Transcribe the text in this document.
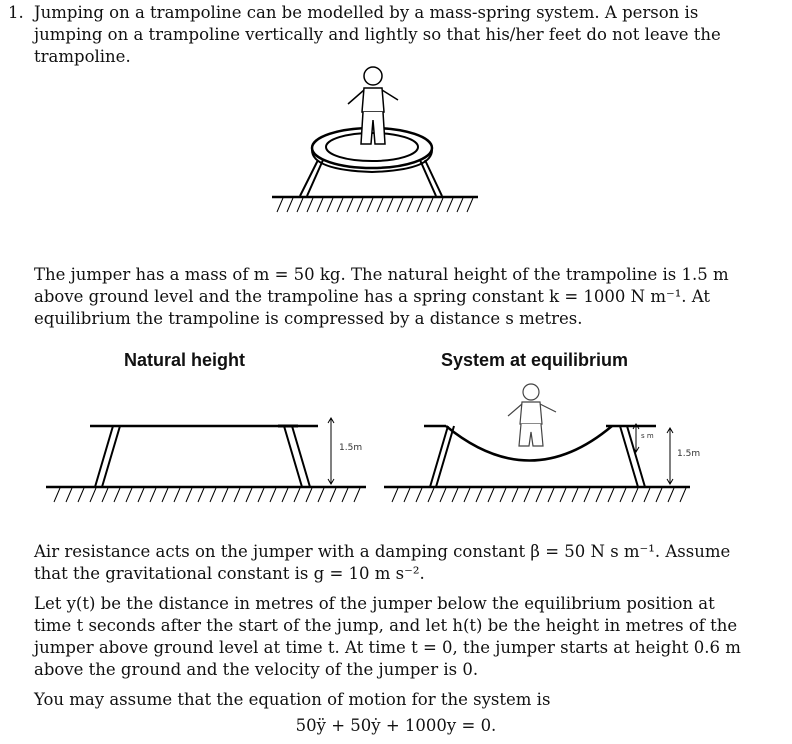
1. Jumping on a trampoline can be modelled by a mass-spring system. A person is jumping on a trampoline vertically and lightly so that his/her feet do not leave the trampoline.
The jumper has a mass of m = 50 kg. The natural height of the trampoline is 1.5 m above ground level and the trampoline has a spring constant k = 1000 N m⁻¹. At equilibrium the trampoline is compressed by a distance s metres.
Natural height	System at equilibrium
1.5m
1.5m
s m
Air resistance acts on the jumper with a damping constant β = 50 N s m⁻¹. Assume that the gravitational constant is g = 10 m s⁻².
Let y(t) be the distance in metres of the jumper below the equilibrium position at time t seconds after the start of the jump, and let h(t) be the height in metres of the jumper above ground level at time t. At time t = 0, the jumper starts at height 0.6 m above the ground and the velocity of the jumper is 0.
You may assume that the equation of motion for the system is
50ÿ + 50ẏ + 1000y = 0.
